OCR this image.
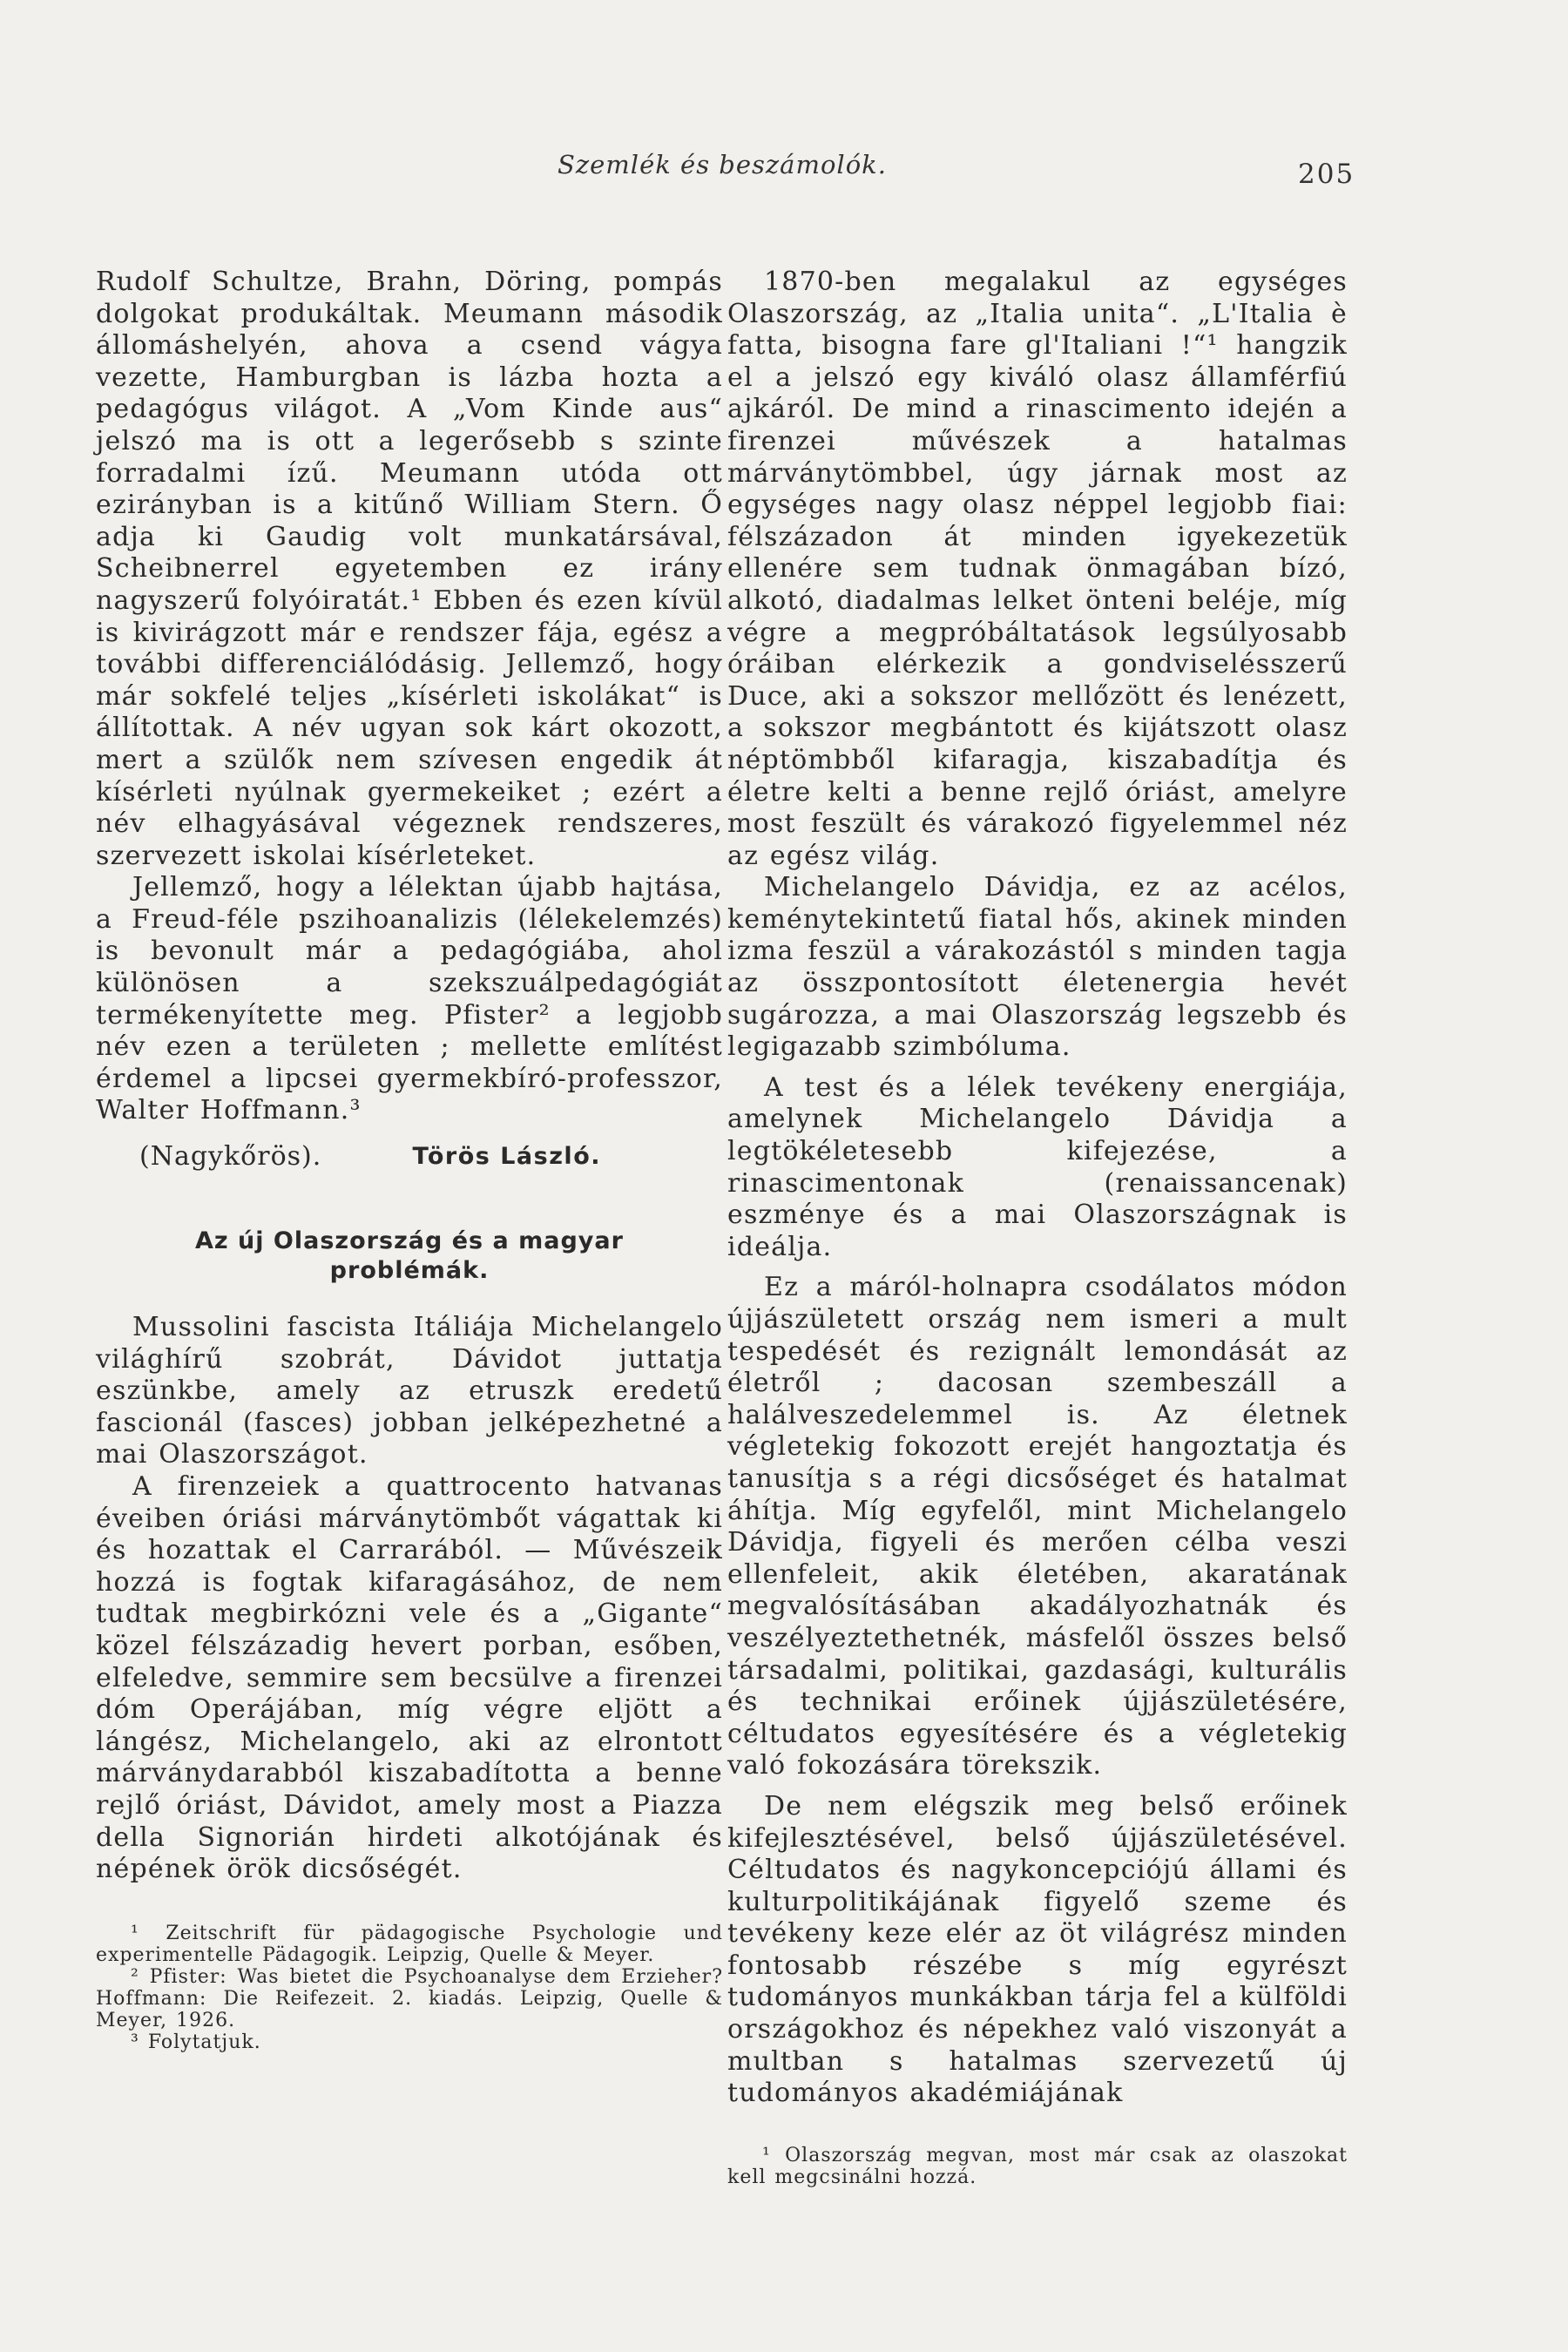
Szemlék és beszámolók.	205

Rudolf Schultze, Brahn, Döring, pompás dolgokat produkáltak. Meumann második állomáshelyén, ahova a csend vágya vezette, Hamburgban is lázba hozta a pedagógus világot. A „Vom Kinde aus“ jelszó ma is ott a legerősebb s szinte forradalmi ízű. Meumann utóda ott ezirányban is a kitűnő William Stern. Ő adja ki Gaudig volt munkatársával, Scheibnerrel egyetemben ez irány nagyszerű folyóiratát.¹ Ebben és ezen kívül is kivirágzott már e rendszer fája, egész a további differenciálódásig. Jellemző, hogy már sokfelé teljes „kísérleti iskolákat“ is állítottak. A név ugyan sok kárt okozott, mert a szülők nem szívesen engedik át kísérleti nyúlnak gyermekeiket ; ezért a név elhagyásával végeznek rendszeres, szervezett iskolai kísérleteket.

Jellemző, hogy a lélektan újabb hajtása, a Freud-féle pszihoanalizis (lélekelemzés) is bevonult már a pedagógiába, ahol különösen a szekszuálpedagógiát termékenyítette meg. Pfister² a legjobb név ezen a területen ; mellette említést érdemel a lipcsei gyermekbíró-professzor, Walter Hoffmann.³

(Nagykőrös).	Törös László.
Az új Olaszország és a magyar problémák.

Mussolini fascista Itáliája Michelangelo világhírű szobrát, Dávidot juttatja eszünkbe, amely az etruszk eredetű fascionál (fasces) jobban jelképezhetné a mai Olaszországot.

A firenzeiek a quattrocento hatvanas éveiben óriási márványtömbőt vágattak ki és hozattak el Carrarából. — Művészeik hozzá is fogtak kifaragásához, de nem tudtak megbirkózni vele és a „Gigante“ közel félszázadig hevert porban, esőben, elfeledve, semmire sem becsülve a firenzei dóm Operájában, míg végre eljött a lángész, Michelangelo, aki az elrontott márványdarabból kiszabadította a benne rejlő óriást, Dávidot, amely most a Piazza della Signorián hirdeti alkotójának és népének örök dicsőségét.

¹ Zeitschrift für pädagogische Psychologie und experimentelle Pädagogik. Leipzig, Quelle & Meyer.

² Pfister: Was bietet die Psychoanalyse dem Erzieher? Hoffmann: Die Reifezeit. 2. kiadás. Leipzig, Quelle & Meyer, 1926.

³ Folytatjuk.

1870-ben megalakul az egységes Olaszország, az „Italia unita“. „L'Italia è fatta, bisogna fare gl'Italiani !“¹ hangzik el a jelszó egy kiváló olasz államférfiú ajkáról. De mind a rinascimento idején a firenzei művészek a hatalmas márványtömbbel, úgy járnak most az egységes nagy olasz néppel legjobb fiai: félszázadon át minden igyekezetük ellenére sem tudnak önmagában bízó, alkotó, diadalmas lelket önteni beléje, míg végre a megpróbáltatások legsúlyosabb óráiban elérkezik a gondviselésszerű Duce, aki a sokszor mellőzött és lenézett, a sokszor megbántott és kijátszott olasz néptömbből kifaragja, kiszabadítja és életre kelti a benne rejlő óriást, amelyre most feszült és várakozó figyelemmel néz az egész világ.

Michelangelo Dávidja, ez az acélos, keménytekintetű fiatal hős, akinek minden izma feszül a várakozástól s minden tagja az összpontosított életenergia hevét sugározza, a mai Olaszország legszebb és legigazabb szimbóluma.

A test és a lélek tevékeny energiája, amelynek Michelangelo Dávidja a legtökéletesebb kifejezése, a rinascimentonak (renaissancenak) eszménye és a mai Olaszországnak is ideálja.

Ez a máról-holnapra csodálatos módon újjászületett ország nem ismeri a mult tespedését és rezignált lemondását az életről ; dacosan szembeszáll a halálveszedelemmel is. Az életnek végletekig fokozott erejét hangoztatja és tanusítja s a régi dicsőséget és hatalmat áhítja. Míg egyfelől, mint Michelangelo Dávidja, figyeli és merően célba veszi ellenfeleit, akik életében, akaratának megvalósításában akadályozhatnák és veszélyeztethetnék, másfelől összes belső társadalmi, politikai, gazdasági, kulturális és technikai erőinek újjászületésére, céltudatos egyesítésére és a végletekig való fokozására törekszik.

De nem elégszik meg belső erőinek kifejlesztésével, belső újjászületésével. Céltudatos és nagykoncepciójú állami és kulturpolitikájának figyelő szeme és tevékeny keze elér az öt világrész minden fontosabb részébe s míg egyrészt tudományos munkákban tárja fel a külföldi országokhoz és népekhez való viszonyát a multban s hatalmas szervezetű új tudományos akadémiájának

¹ Olaszország megvan, most már csak az olaszokat kell megcsinálni hozzá.
